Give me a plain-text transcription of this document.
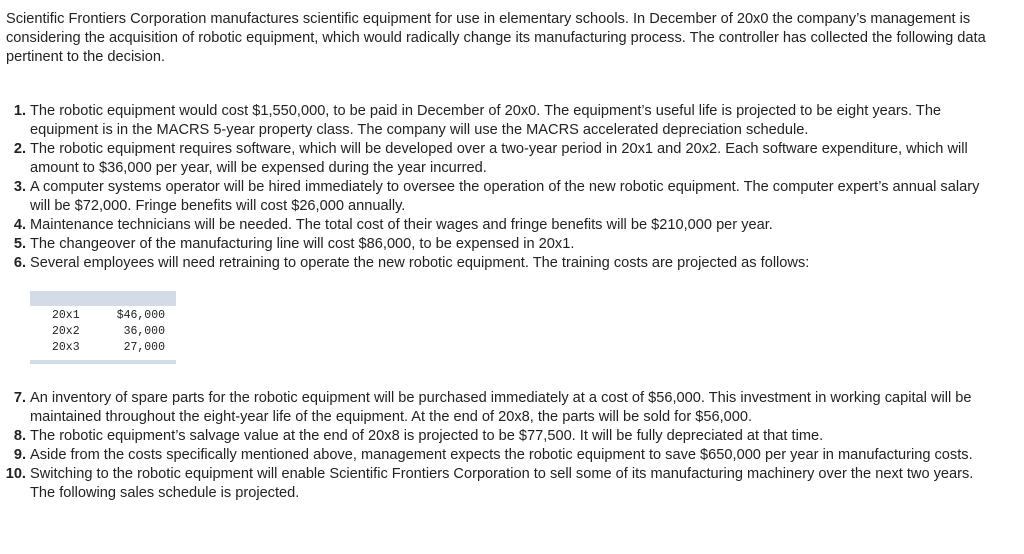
Scientific Frontiers Corporation manufactures scientific equipment for use in elementary schools. In December of 20x0 the company’s management is considering the acquisition of robotic equipment, which would radically change its manufacturing process. The controller has collected the following data pertinent to the decision.

1. The robotic equipment would cost $1,550,000, to be paid in December of 20x0. The equipment’s useful life is projected to be eight years. The equipment is in the MACRS 5-year property class. The company will use the MACRS accelerated depreciation schedule.
2. The robotic equipment requires software, which will be developed over a two-year period in 20x1 and 20x2. Each software expenditure, which will amount to $36,000 per year, will be expensed during the year incurred.
3. A computer systems operator will be hired immediately to oversee the operation of the new robotic equipment. The computer expert’s annual salary will be $72,000. Fringe benefits will cost $26,000 annually.
4. Maintenance technicians will be needed. The total cost of their wages and fringe benefits will be $210,000 per year.
5. The changeover of the manufacturing line will cost $86,000, to be expensed in 20x1.
6. Several employees will need retraining to operate the new robotic equipment. The training costs are projected as follows:
20x1	$46,000
20x2	36,000
20x3	27,000
7. An inventory of spare parts for the robotic equipment will be purchased immediately at a cost of $56,000. This investment in working capital will be maintained throughout the eight-year life of the equipment. At the end of 20x8, the parts will be sold for $56,000.
8. The robotic equipment’s salvage value at the end of 20x8 is projected to be $77,500. It will be fully depreciated at that time.
9. Aside from the costs specifically mentioned above, management expects the robotic equipment to save $650,000 per year in manufacturing costs.
10. Switching to the robotic equipment will enable Scientific Frontiers Corporation to sell some of its manufacturing machinery over the next two years. The following sales schedule is projected.
